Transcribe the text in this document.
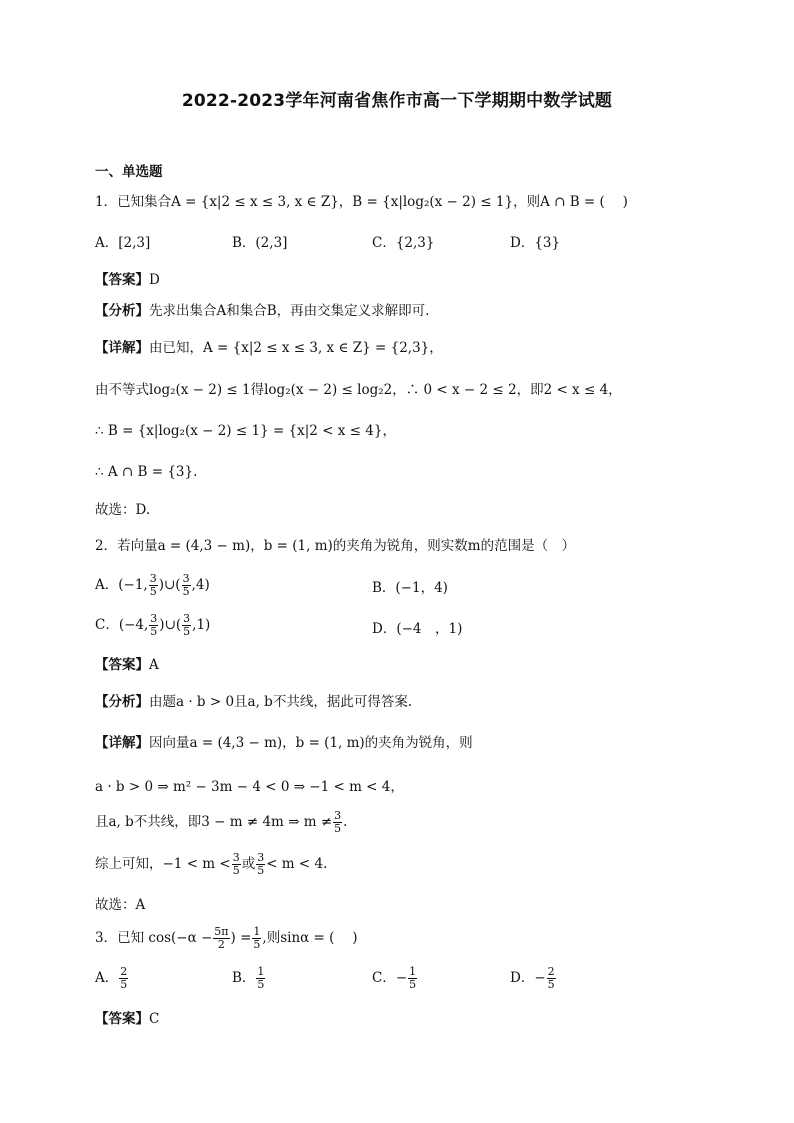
2022-2023学年河南省焦作市高一下学期期中数学试题
一、单选题
1．已知集合A = {x|2 ≤ x ≤ 3, x ∈ Z}，B = {x|log₂(x − 2) ≤ 1}，则A ∩ B = (　 )
A．[2,3]	B．(2,3]	C．{2,3}	D．{3}
【答案】D
【分析】先求出集合A和集合B，再由交集定义求解即可.
【详解】由已知，A = {x|2 ≤ x ≤ 3, x ∈ Z} = {2,3}，
由不等式log₂(x − 2) ≤ 1得log₂(x − 2) ≤ log₂2，∴ 0 < x − 2 ≤ 2，即2 < x ≤ 4，
∴ B = {x|log₂(x − 2) ≤ 1} = {x|2 < x ≤ 4}，
∴ A ∩ B = {3}.
故选：D.
2．若向量a = (4,3 − m)，b = (1, m)的夹角为锐角，则实数m的范围是（　）
A．(−1, $\frac{3}{5}$ )∪( $\frac{3}{5} ,4$)	B．(−1，4)
C．(−4, $\frac{3}{5}$ )∪( $\frac{3}{5} ,1$)	D．(−4　，1)
【答案】A
【分析】由题a · b > 0且a, b不共线，据此可得答案.
【详解】因向量a = (4,3 − m)，b = (1, m)的夹角为锐角，则
a · b > 0 ⇒ m² − 3m − 4 < 0 ⇒ −1 < m < 4，
且a, b不共线，即3 − m ≠ 4m ⇒ $m \ne \frac{3}{5}$ .
综上可知，$-1 < m < \frac{3}{5}$ 或 $\frac{3}{5} < m < 4$.
故选：A
3．已知 $\cos(-\alpha - \frac{5\pi}{2}$ ) = $\frac{1}{5}$ ,则sinα = (　 )
A． $\frac{2}{5}$	B． $\frac{1}{5}$	C．− $\frac{1}{5}$	D．− $\frac{2}{5}$
【答案】C
